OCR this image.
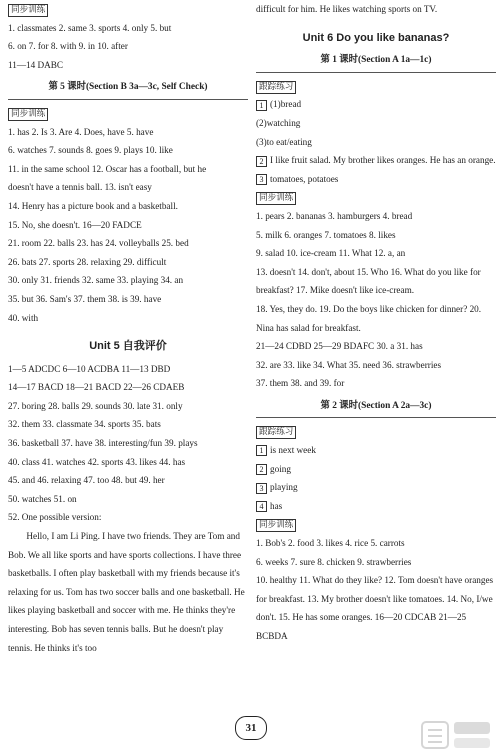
同步训练
1. classmates 2. same 3. sports 4. only 5. but
6. on 7. for 8. with 9. in 10. after
11—14 DABC
第 5 课时(Section B 3a—3c, Self Check)
同步训练
1. has 2. Is 3. Are 4. Does, have 5. have
6. watches 7. sounds 8. goes 9. plays 10. like
11. in the same school 12. Oscar has a football, but he
doesn't have a tennis ball. 13. isn't easy
14. Henry has a picture book and a basketball.
15. No, she doesn't. 16—20 FADCE
21. room 22. balls 23. has 24. volleyballs 25. bed
26. bats 27. sports 28. relaxing 29. difficult
30. only 31. friends 32. same 33. playing 34. an
35. but 36. Sam's 37. them 38. is 39. have
40. with
Unit 5 自我评价
1—5 ADCDC 6—10 ACDBA 11—13 DBD
14—17 BACD 18—21 BACD 22—26 CDAEB
27. boring 28. balls 29. sounds 30. late 31. only
32. them 33. classmate 34. sports 35. bats
36. basketball 37. have 38. interesting/fun 39. plays
40. class 41. watches 42. sports 43. likes 44. has
45. and 46. relaxing 47. too 48. but 49. her
50. watches 51. on
52. One possible version:
Hello, I am Li Ping. I have two friends. They are Tom and Bob. We all like sports and have sports collections. I have three basketballs. I often play basketball with my friends because it's relaxing for us. Tom has two soccer balls and one basketball. He likes playing basketball and soccer with me. He thinks they're interesting. Bob has seven tennis balls. But he doesn't play tennis. He thinks it's too
difficult for him. He likes watching sports on TV.
Unit 6 Do you like bananas?
第 1 课时(Section A 1a—1c)
跟踪练习
1 (1)bread
(2)watching
(3)to eat/eating
2 I like fruit salad. My brother likes oranges. He has an orange.
3 tomatoes, potatoes
同步训练
1. pears 2. bananas 3. hamburgers 4. bread
5. milk 6. oranges 7. tomatoes 8. likes
9. salad 10. ice-cream 11. What 12. a, an
13. doesn't 14. don't, about 15. Who 16. What do you like for breakfast? 17. Mike doesn't like ice-cream.
18. Yes, they do. 19. Do the boys like chicken for dinner? 20. Nina has salad for breakfast.
21—24 CDBD 25—29 BDAFC 30. a 31. has
32. are 33. like 34. What 35. need 36. strawberries
37. them 38. and 39. for
第 2 课时(Section A 2a—3c)
跟踪练习
1 is next week
2 going
3 playing
4 has
同步训练
1. Bob's 2. food 3. likes 4. rice 5. carrots
6. weeks 7. sure 8. chicken 9. strawberries
10. healthy 11. What do they like? 12. Tom doesn't have oranges for breakfast. 13. My brother doesn't like tomatoes. 14. No, I/we don't. 15. He has some oranges. 16—20 CDCAB 21—25 BCBDA
31
